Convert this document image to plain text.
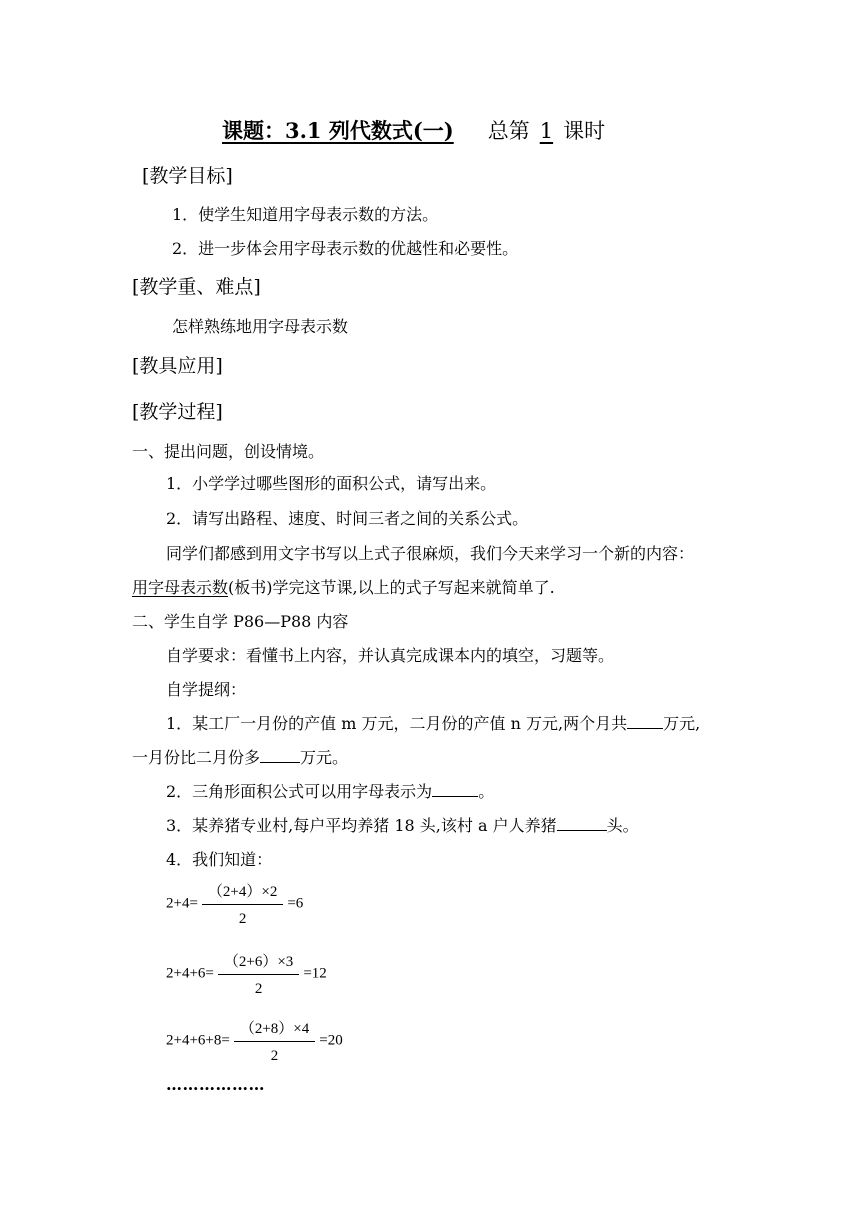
课题：3.1 列代数式(一) 总第 1 课时
[教学目标]
1．使学生知道用字母表示数的方法。
2．进一步体会用字母表示数的优越性和必要性。
[教学重、难点]
怎样熟练地用字母表示数
[教具应用]
[教学过程]
一、提出问题，创设情境。
1．小学学过哪些图形的面积公式，请写出来。
2．请写出路程、速度、时间三者之间的关系公式。
同学们都感到用文字书写以上式子很麻烦，我们今天来学习一个新的内容：
用字母表示数(板书)学完这节课,以上的式子写起来就简单了.
二、学生自学 P86—P88 内容
自学要求：看懂书上内容，并认真完成课本内的填空，习题等。
自学提纲：
1．某工厂一月份的产值 m 万元，二月份的产值 n 万元,两个月共 万元,
一月份比二月份多	万元。
2．三角形面积公式可以用字母表示为	。
3．某养猪专业村,每户平均养猪 18 头,该村 a 户人养猪	头。
4．我们知道：
$2+4= \frac{(2+4)\times 2}{2} =6$
$2+4+6= \frac{(2+6)\times 3}{2} =12$
$2+4+6+8= \frac{(2+8)\times 4}{2} =20$
………………
